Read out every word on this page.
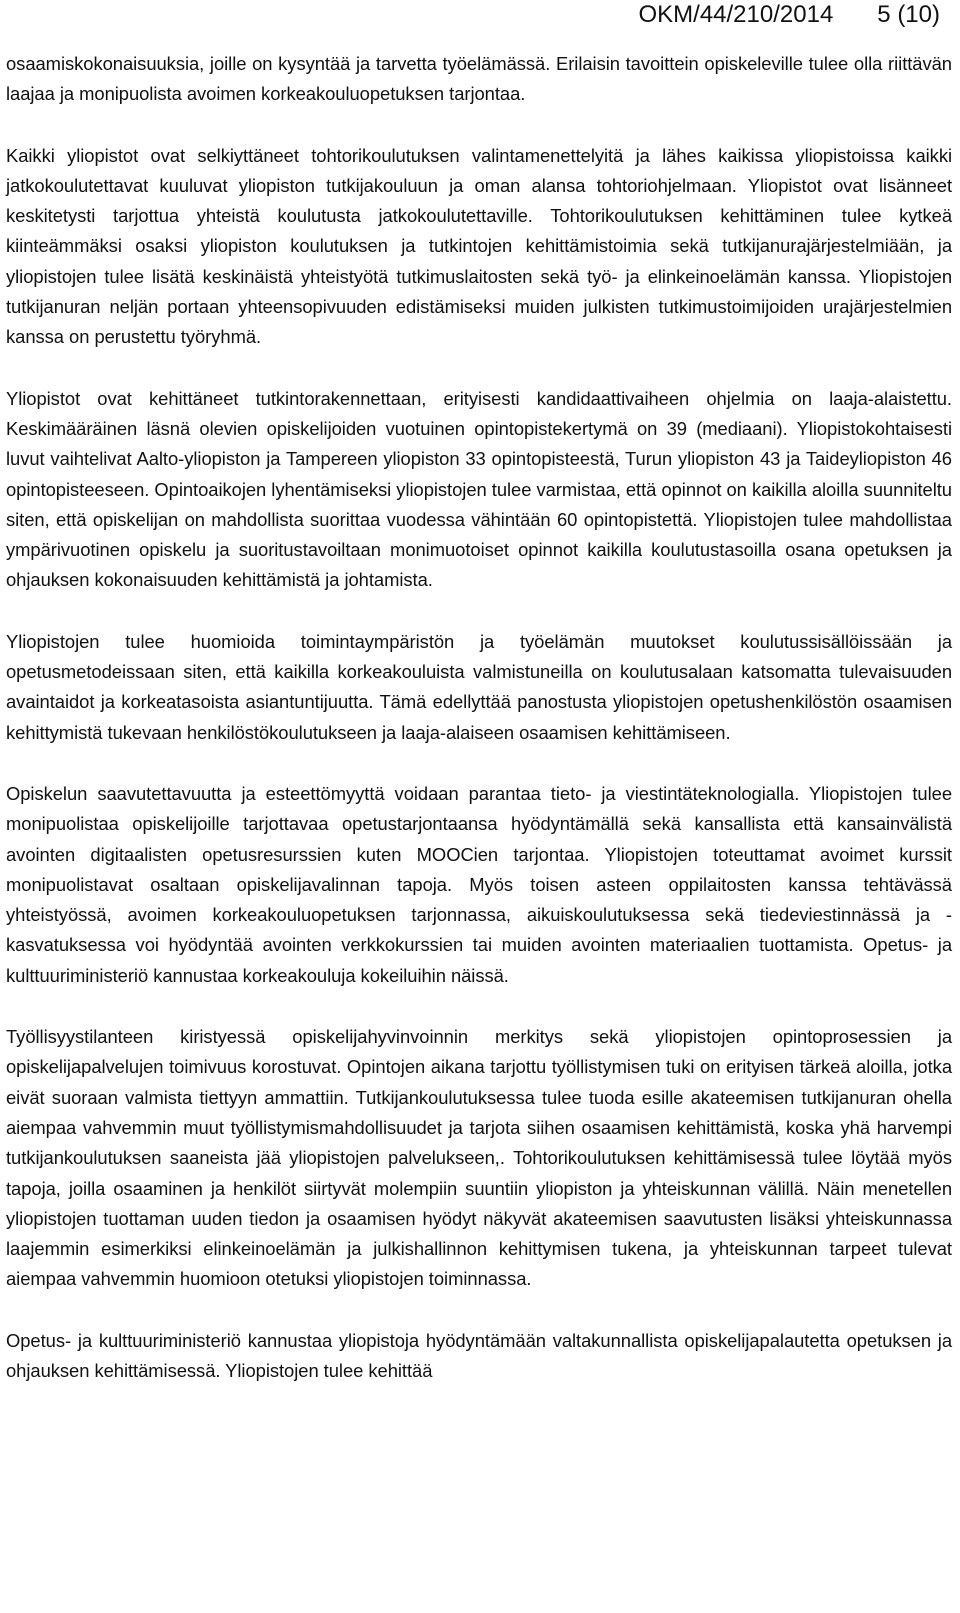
OKM/44/210/2014 5 (10)

osaamiskokonaisuuksia, joille on kysyntää ja tarvetta työelämässä. Erilaisin tavoittein opiskeleville tulee olla riittävän laajaa ja monipuolista avoimen korkeakouluopetuksen tarjontaa.

Kaikki yliopistot ovat selkiyttäneet tohtorikoulutuksen valintamenettelyitä ja lähes kaikissa yliopistoissa kaikki jatkokoulutettavat kuuluvat yliopiston tutkijakouluun ja oman alansa tohtoriohjelmaan. Yliopistot ovat lisänneet keskitetysti tarjottua yhteistä koulutusta jatkokoulutettaville. Tohtorikoulutuksen kehittäminen tulee kytkeä kiinteämmäksi osaksi yliopiston koulutuksen ja tutkintojen kehittämistoimia sekä tutkijanurajärjestelmiään, ja yliopistojen tulee lisätä keskinäistä yhteistyötä tutkimuslaitosten sekä työ- ja elinkeinoelämän kanssa. Yliopistojen tutkijanuran neljän portaan yhteensopivuuden edistämiseksi muiden julkisten tutkimustoimijoiden urajärjestelmien kanssa on perustettu työryhmä.

Yliopistot ovat kehittäneet tutkintorakennettaan, erityisesti kandidaattivaiheen ohjelmia on laaja-alaistettu. Keskimääräinen läsnä olevien opiskelijoiden vuotuinen opintopistekertymä on 39 (mediaani). Yliopistokohtaisesti luvut vaihtelivat Aalto-yliopiston ja Tampereen yliopiston 33 opintopisteestä, Turun yliopiston 43 ja Taideyliopiston 46 opintopisteeseen. Opintoaikojen lyhentämiseksi yliopistojen tulee varmistaa, että opinnot on kaikilla aloilla suunniteltu siten, että opiskelijan on mahdollista suorittaa vuodessa vähintään 60 opintopistettä. Yliopistojen tulee mahdollistaa ympärivuotinen opiskelu ja suoritustavoiltaan monimuotoiset opinnot kaikilla koulutustasoilla osana opetuksen ja ohjauksen kokonaisuuden kehittämistä ja johtamista.

Yliopistojen tulee huomioida toimintaympäristön ja työelämän muutokset koulutussisällöissään ja opetusmetodeissaan siten, että kaikilla korkeakouluista valmistuneilla on koulutusalaan katsomatta tulevaisuuden avaintaidot ja korkeatasoista asiantuntijuutta. Tämä edellyttää panostusta yliopistojen opetushenkilöstön osaamisen kehittymistä tukevaan henkilöstökoulutukseen ja laaja-alaiseen osaamisen kehittämiseen.

Opiskelun saavutettavuutta ja esteettömyyttä voidaan parantaa tieto- ja viestintäteknologialla. Yliopistojen tulee monipuolistaa opiskelijoille tarjottavaa opetustarjontaansa hyödyntämällä sekä kansallista että kansainvälistä avointen digitaalisten opetusresurssien kuten MOOCien tarjontaa. Yliopistojen toteuttamat avoimet kurssit monipuolistavat osaltaan opiskelijavalinnan tapoja. Myös toisen asteen oppilaitosten kanssa tehtävässä yhteistyössä, avoimen korkeakouluopetuksen tarjonnassa, aikuiskoulutuksessa sekä tiedeviestinnässä ja -kasvatuksessa voi hyödyntää avointen verkkokurssien tai muiden avointen materiaalien tuottamista. Opetus- ja kulttuuriministeriö kannustaa korkeakouluja kokeiluihin näissä.

Työllisyystilanteen kiristyessä opiskelijahyvinvoinnin merkitys sekä yliopistojen opintoprosessien ja opiskelijapalvelujen toimivuus korostuvat. Opintojen aikana tarjottu työllistymisen tuki on erityisen tärkeä aloilla, jotka eivät suoraan valmista tiettyyn ammattiin. Tutkijankoulutuksessa tulee tuoda esille akateemisen tutkijanuran ohella aiempaa vahvemmin muut työllistymismahdollisuudet ja tarjota siihen osaamisen kehittämistä, koska yhä harvempi tutkijankoulutuksen saaneista jää yliopistojen palvelukseen,. Tohtorikoulutuksen kehittämisessä tulee löytää myös tapoja, joilla osaaminen ja henkilöt siirtyvät molempiin suuntiin yliopiston ja yhteiskunnan välillä. Näin menetellen yliopistojen tuottaman uuden tiedon ja osaamisen hyödyt näkyvät akateemisen saavutusten lisäksi yhteiskunnassa laajemmin esimerkiksi elinkeinoelämän ja julkishallinnon kehittymisen tukena, ja yhteiskunnan tarpeet tulevat aiempaa vahvemmin huomioon otetuksi yliopistojen toiminnassa.

Opetus- ja kulttuuriministeriö kannustaa yliopistoja hyödyntämään valtakunnallista opiskelijapalautetta opetuksen ja ohjauksen kehittämisessä. Yliopistojen tulee kehittää
